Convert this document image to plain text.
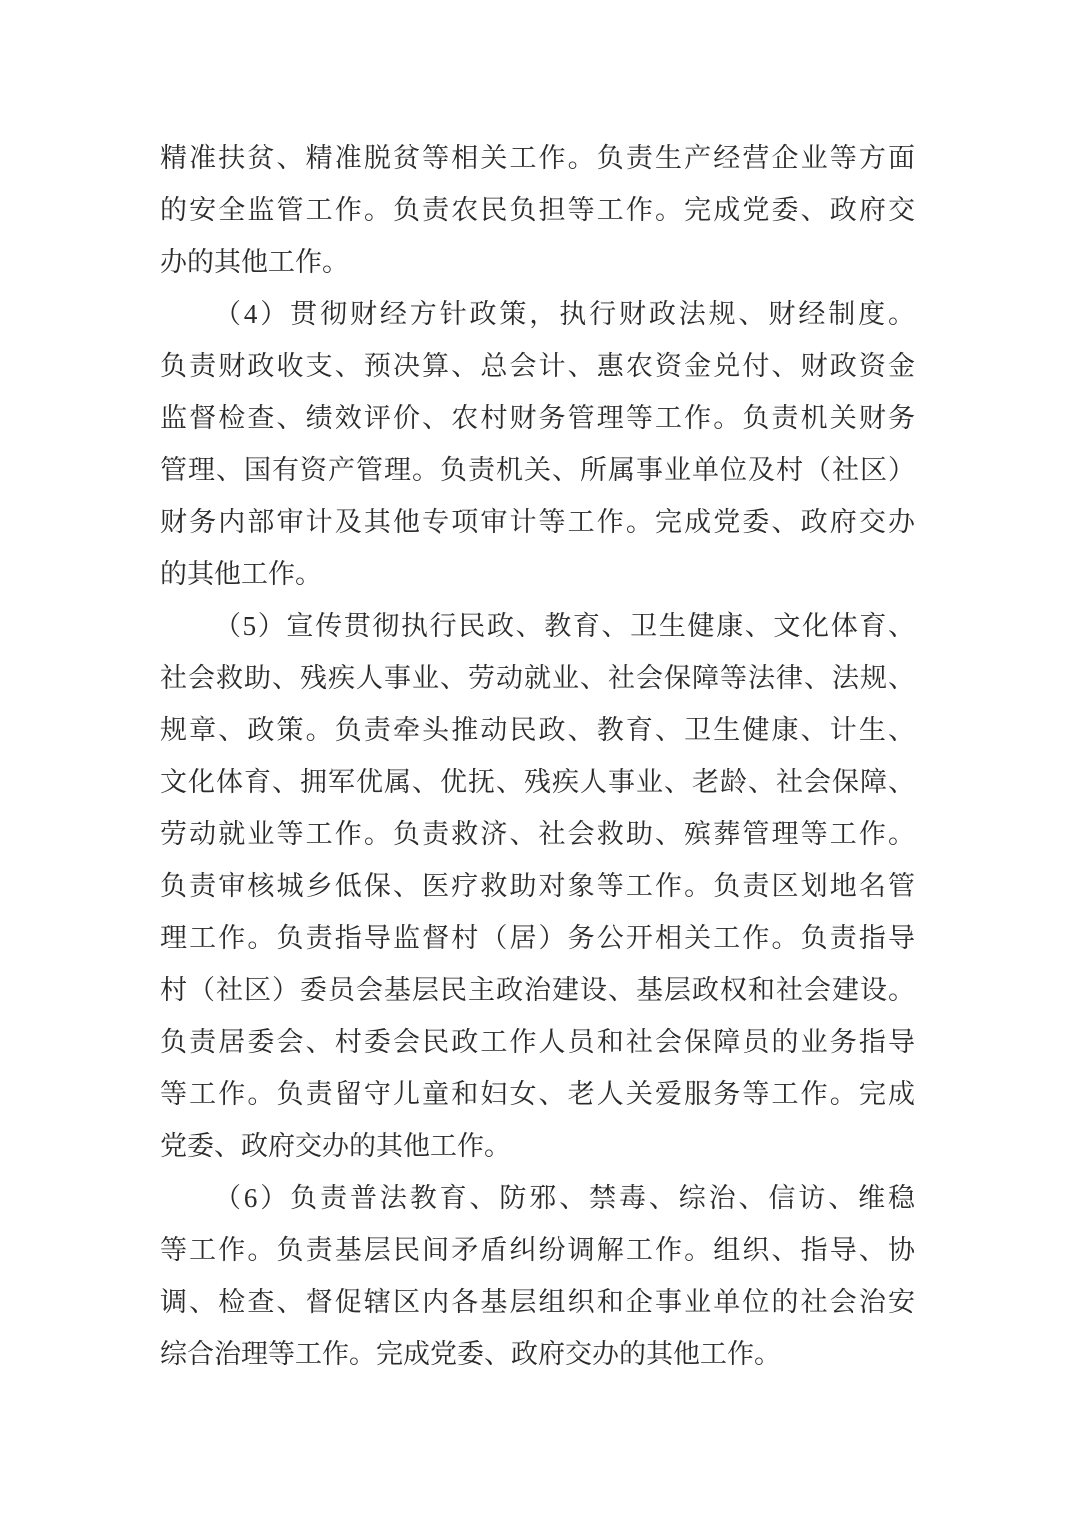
精准扶贫、精准脱贫等相关工作。负责生产经营企业等方面
的安全监管工作。负责农民负担等工作。完成党委、政府交
办的其他工作。
（4）贯彻财经方针政策，执行财政法规、财经制度。
负责财政收支、预决算、总会计、惠农资金兑付、财政资金
监督检查、绩效评价、农村财务管理等工作。负责机关财务
管理、国有资产管理。负责机关、所属事业单位及村（社区）
财务内部审计及其他专项审计等工作。完成党委、政府交办
的其他工作。
（5）宣传贯彻执行民政、教育、卫生健康、文化体育、
社会救助、残疾人事业、劳动就业、社会保障等法律、法规、
规章、政策。负责牵头推动民政、教育、卫生健康、计生、
文化体育、拥军优属、优抚、残疾人事业、老龄、社会保障、
劳动就业等工作。负责救济、社会救助、殡葬管理等工作。
负责审核城乡低保、医疗救助对象等工作。负责区划地名管
理工作。负责指导监督村（居）务公开相关工作。负责指导
村（社区）委员会基层民主政治建设、基层政权和社会建设。
负责居委会、村委会民政工作人员和社会保障员的业务指导
等工作。负责留守儿童和妇女、老人关爱服务等工作。完成
党委、政府交办的其他工作。
（6）负责普法教育、防邪、禁毒、综治、信访、维稳
等工作。负责基层民间矛盾纠纷调解工作。组织、指导、协
调、检查、督促辖区内各基层组织和企事业单位的社会治安
综合治理等工作。完成党委、政府交办的其他工作。
